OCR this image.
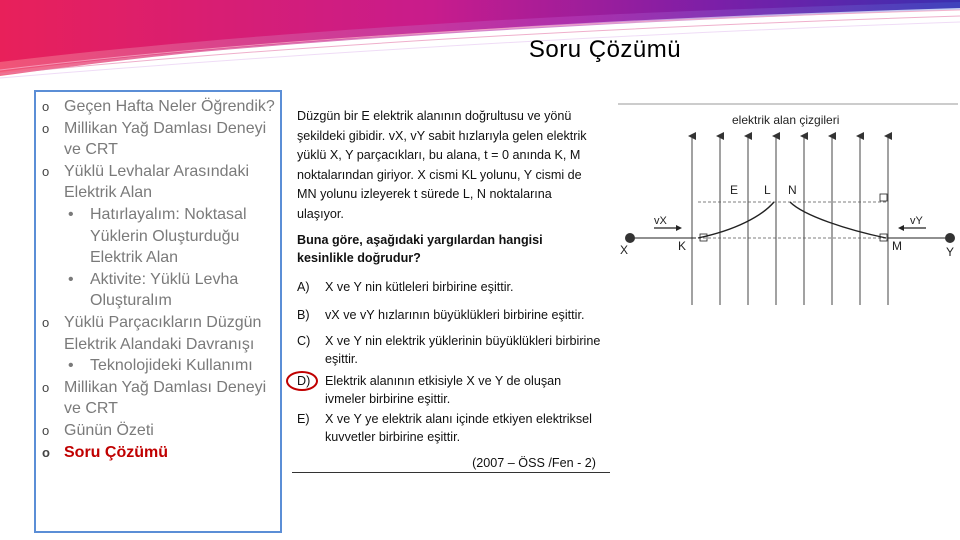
Soru Çözümü
o Geçen Hafta Neler Öğrendik?
o Millikan Yağ Damlası Deneyi ve CRT
o Yüklü Levhalar Arasındaki Elektrik Alan
• Hatırlayalım: Noktasal Yüklerin Oluşturduğu Elektrik Alan
• Aktivite: Yüklü Levha Oluşturalım
o Yüklü Parçacıkların Düzgün Elektrik Alandaki Davranışı
• Teknolojideki Kullanımı
o Millikan Yağ Damlası Deneyi ve CRT
o Günün Özeti
o Soru Çözümü
Düzgün bir E elektrik alanının doğrultusu ve yönü şekildeki gibidir. vX, vY sabit hızlarıyla gelen elektrik yüklü X, Y parçacıkları, bu alana, t = 0 anında K, M noktalarından giriyor. X cismi KL yolunu, Y cismi de MN yolunu izleyerek t sürede L, N noktalarına ulaşıyor.
Buna göre, aşağıdaki yargılardan hangisi kesinlikle doğrudur?
A) X ve Y nin kütleleri birbirine eşittir.
B) vX ve vY hızlarının büyüklükleri birbirine eşittir.
C) X ve Y nin elektrik yüklerinin büyüklükleri birbirine eşittir.
D) Elektrik alanının etkisiyle X ve Y de oluşan ivmeler birbirine eşittir.
E) X ve Y ye elektrik alanı içinde etkiyen elektriksel kuvvetler birbirine eşittir.
(2007 – ÖSS /Fen - 2)
elektrik alan çizgileri
E L N
K	M
X	Y
vX	vY
